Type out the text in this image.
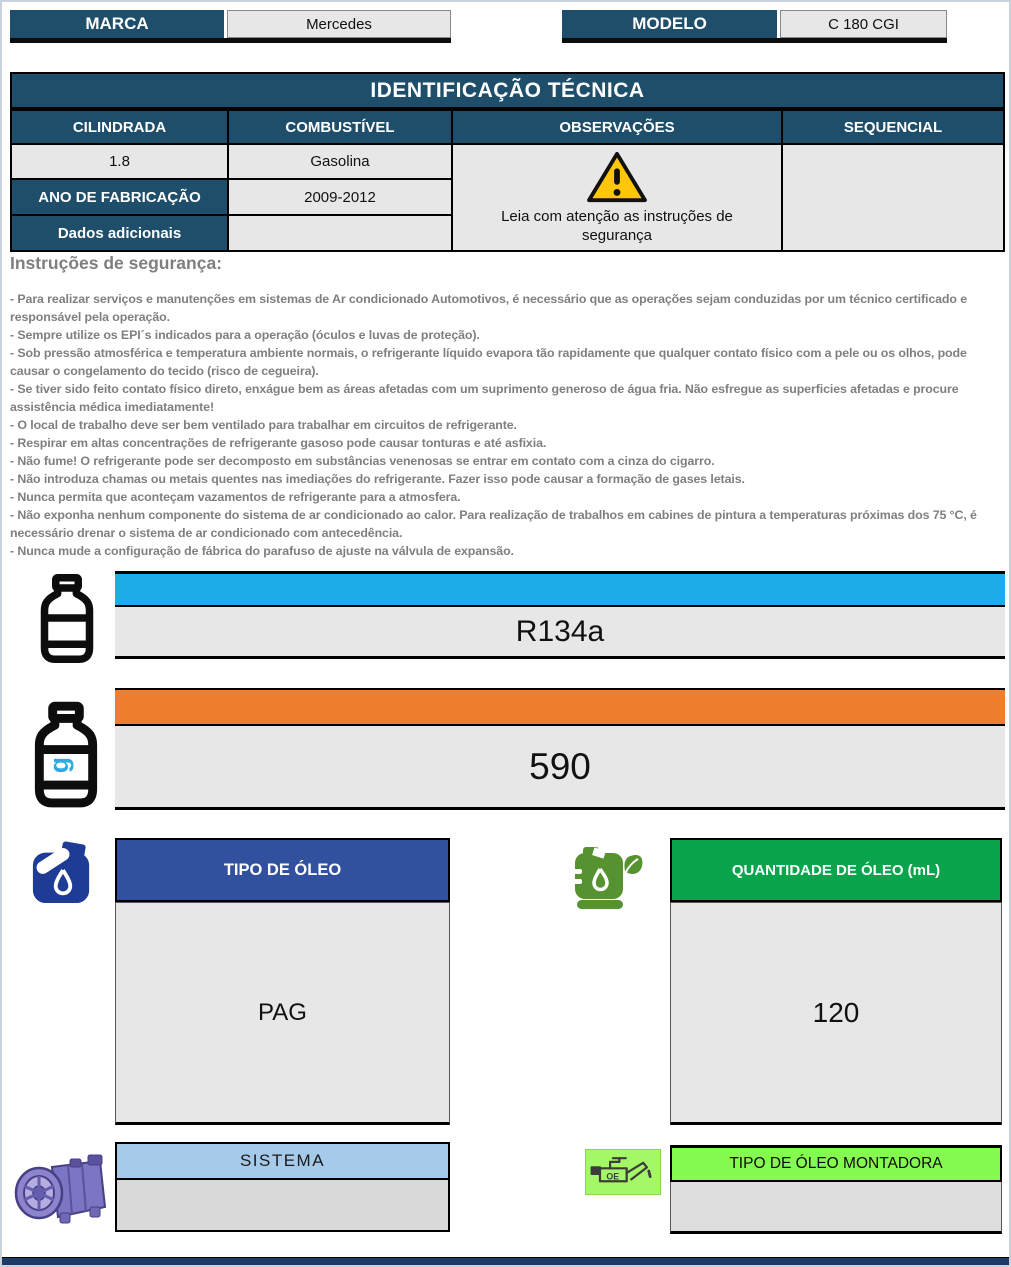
MARCA	Mercedes	MODELO	C 180 CGI
IDENTIFICAÇÃO TÉCNICA
CILINDRADA	COMBUSTÍVEL	OBSERVAÇÕES	SEQUENCIAL
1.8	Gasolina
Leia com atenção as instruções de segurança
ANO DE FABRICAÇÃO	2009-2012
Dados adicionais
Instruções de segurança:

- Para realizar serviços e manutenções em sistemas de Ar condicionado Automotivos, é necessário que as operações sejam conduzidas por um técnico certificado e responsável pela operação.

- Sempre utilize os EPI´s indicados para a operação (óculos e luvas de proteção).

- Sob pressão atmosférica e temperatura ambiente normais, o refrigerante líquido evapora tão rapidamente que qualquer contato físico com a pele ou os olhos, pode causar o congelamento do tecido (risco de cegueira).

- Se tiver sido feito contato físico direto, enxágue bem as áreas afetadas com um suprimento generoso de água fria. Não esfregue as superficies afetadas e procure assistência médica imediatamente!

- O local de trabalho deve ser bem ventilado para trabalhar em circuitos de refrigerante.

- Respirar em altas concentrações de refrigerante gasoso pode causar tonturas e até asfixia.

- Não fume! O refrigerante pode ser decomposto em substâncias venenosas se entrar em contato com a cinza do cigarro.

- Não introduza chamas ou metais quentes nas imediações do refrigerante. Fazer isso pode causar a formação de gases letais.

- Nunca permita que aconteçam vazamentos de refrigerante para a atmosfera.

- Não exponha nenhum componente do sistema de ar condicionado ao calor. Para realização de trabalhos em cabines de pintura a temperaturas próximas dos 75 °C, é necessário drenar o sistema de ar condicionado com antecedência.

- Nunca mude a configuração de fábrica do parafuso de ajuste na válvula de expansão.

R134a
g	590
TIPO DE ÓLEO
PAG
QUANTIDADE DE ÓLEO (mL)
120
SISTEMA
OE
TIPO DE ÓLEO MONTADORA
